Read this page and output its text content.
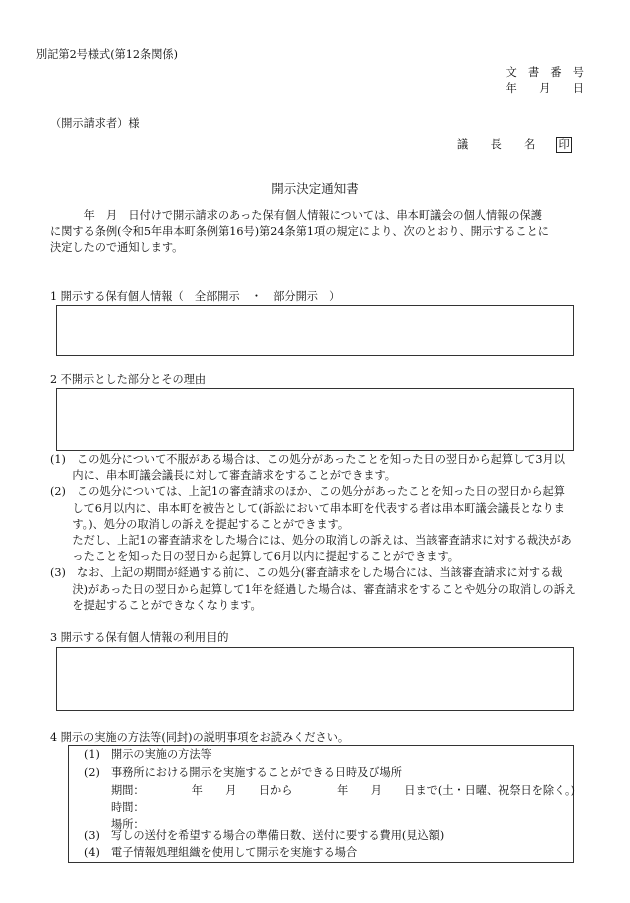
別記第2号様式(第12条関係)
文　書　番　号
年　　月　　日
（開示請求者）様
議　　長　　名 印
開示決定通知書
　　　年　月　日付けで開示請求のあった保有個人情報については、串本町議会の個人情報の保護
に関する条例(令和5年串本町条例第16号)第24条第1項の規定により、次のとおり、開示することに
決定したので通知します。
1 開示する保有個人情報（　全部開示　・　部分開示　）
2 不開示とした部分とその理由
(1)　この処分について不服がある場合は、この処分があったことを知った日の翌日から起算して3月以
　　内に、串本町議会議長に対して審査請求をすることができます。
(2)　この処分については、上記1の審査請求のほか、この処分があったことを知った日の翌日から起算
　　して6月以内に、串本町を被告として(訴訟において串本町を代表する者は串本町議会議長となりま
　　す。)、処分の取消しの訴えを提起することができます。
　　ただし、上記1の審査請求をした場合には、処分の取消しの訴えは、当該審査請求に対する裁決があ
　　ったことを知った日の翌日から起算して6月以内に提起することができます。
(3)　なお、上記の期間が経過する前に、この処分(審査請求をした場合には、当該審査請求に対する裁
　　決)があった日の翌日から起算して1年を経過した場合は、審査請求をすることや処分の取消しの訴え
　　を提起することができなくなります。
3 開示する保有個人情報の利用目的
4 開示の実施の方法等(同封)の説明事項をお読みください。
(1)　開示の実施の方法等
(2)　事務所における開示を実施することができる日時及び場所
期間：	年　　月　　日から　　　　年　　月　　日まで(土・日曜、祝祭日を除く。)
時間：
場所：
(3)　写しの送付を希望する場合の準備日数、送付に要する費用(見込額)
(4)　電子情報処理組織を使用して開示を実施する場合
